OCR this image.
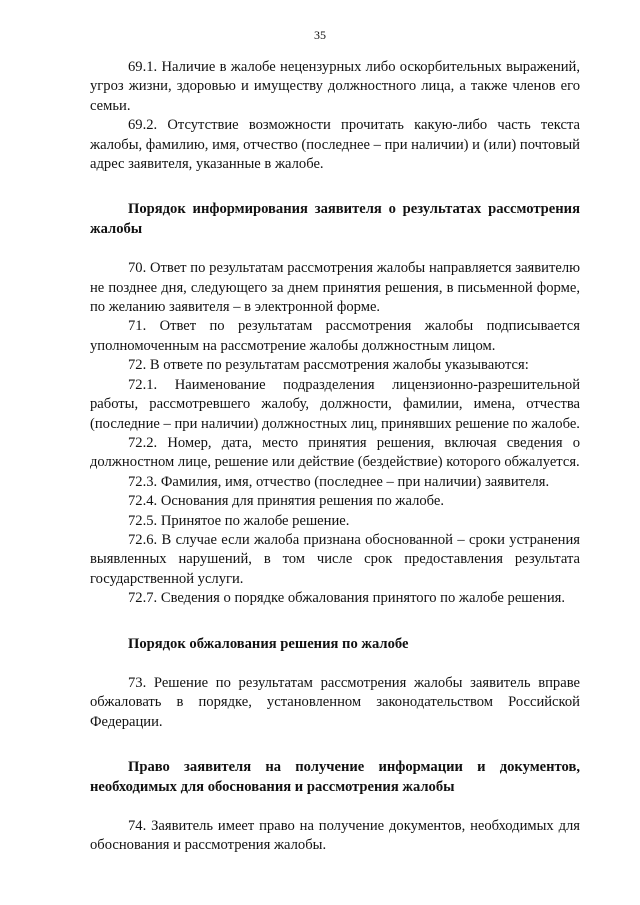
35

69.1. Наличие в жалобе нецензурных либо оскорбительных выражений, угроз жизни, здоровью и имуществу должностного лица, а также членов его семьи.

69.2. Отсутствие возможности прочитать какую-либо часть текста жалобы, фамилию, имя, отчество (последнее – при наличии) и (или) почтовый адрес заявителя, указанные в жалобе.

Порядок информирования заявителя о результатах рассмотрения жалобы

70. Ответ по результатам рассмотрения жалобы направляется заявителю не позднее дня, следующего за днем принятия решения, в письменной форме, по желанию заявителя – в электронной форме.

71. Ответ по результатам рассмотрения жалобы подписывается уполномоченным на рассмотрение жалобы должностным лицом.

72. В ответе по результатам рассмотрения жалобы указываются:

72.1. Наименование подразделения лицензионно-разрешительной работы, рассмотревшего жалобу, должности, фамилии, имена, отчества (последние – при наличии) должностных лиц, принявших решение по жалобе.

72.2. Номер, дата, место принятия решения, включая сведения о должностном лице, решение или действие (бездействие) которого обжалуется.

72.3. Фамилия, имя, отчество (последнее – при наличии) заявителя.

72.4. Основания для принятия решения по жалобе.

72.5. Принятое по жалобе решение.

72.6. В случае если жалоба признана обоснованной – сроки устранения выявленных нарушений, в том числе срок предоставления результата государственной услуги.

72.7. Сведения о порядке обжалования принятого по жалобе решения.

Порядок обжалования решения по жалобе

73. Решение по результатам рассмотрения жалобы заявитель вправе обжаловать в порядке, установленном законодательством Российской Федерации.

Право заявителя на получение информации и документов, необходимых для обоснования и рассмотрения жалобы

74. Заявитель имеет право на получение документов, необходимых для обоснования и рассмотрения жалобы.
